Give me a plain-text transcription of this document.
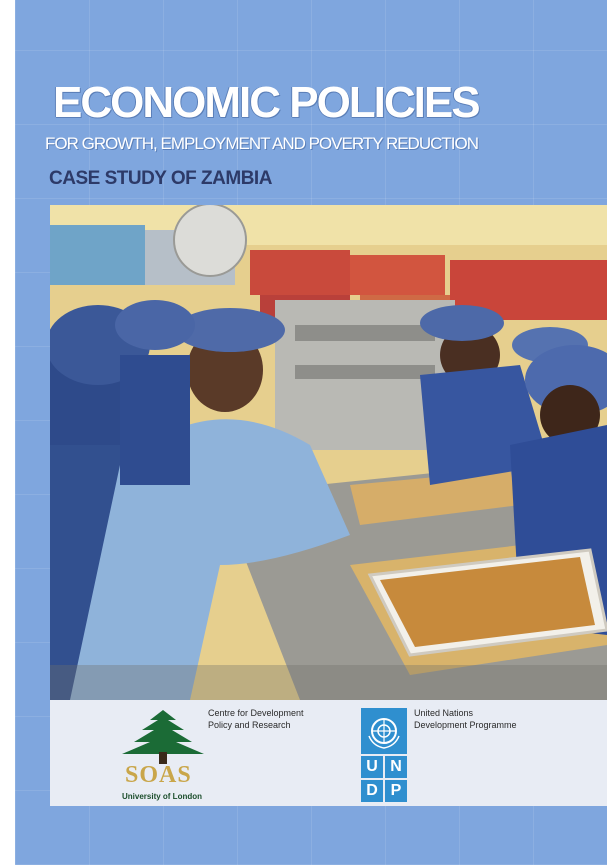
ECONOMIC POLICIES

FOR GROWTH, EMPLOYMENT AND POVERTY REDUCTION

CASE STUDY OF ZAMBIA

SOAS

University of London

Centre for Development
Policy and Research

U N
D P

United Nations
Development Programme
